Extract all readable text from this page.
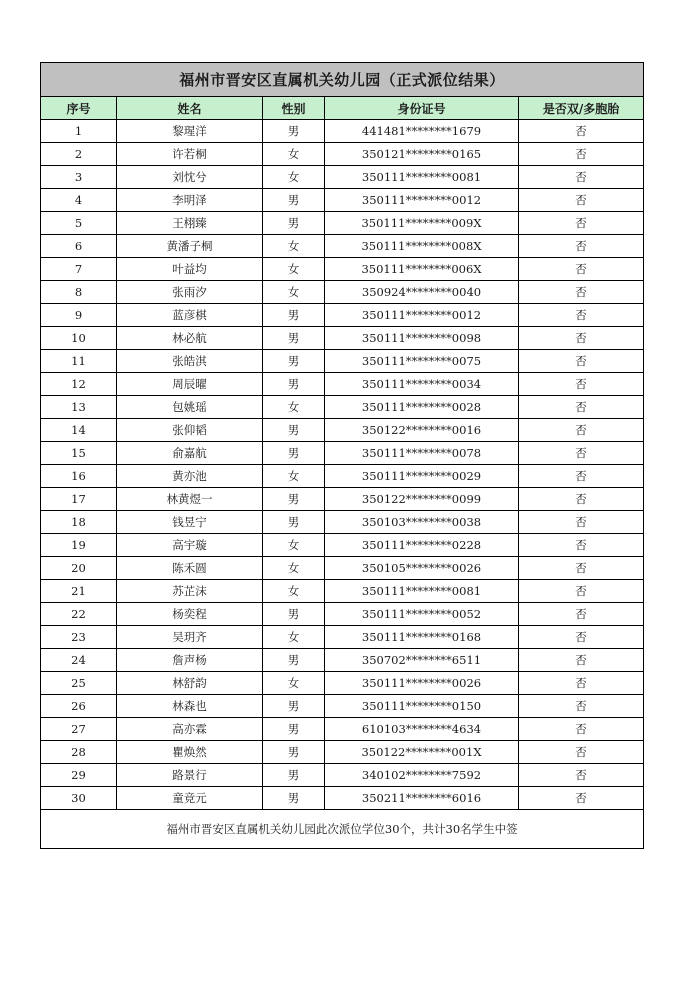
福州市晋安区直属机关幼儿园（正式派位结果）				
序号	姓名	性别	身份证号	是否双/多胞胎
1	黎瑆洋	男	441481********1679	否
2	许若桐	女	350121********0165	否
3	刘忱兮	女	350111********0081	否
4	李明泽	男	350111********0012	否
5	王栩臻	男	350111********009X	否
6	黄潘子桐	女	350111********008X	否
7	叶益均	女	350111********006X	否
8	张雨汐	女	350924********0040	否
9	蓝彦棋	男	350111********0012	否
10	林必航	男	350111********0098	否
11	张皓淇	男	350111********0075	否
12	周辰曜	男	350111********0034	否
13	包姚瑶	女	350111********0028	否
14	张仰韬	男	350122********0016	否
15	俞嘉航	男	350111********0078	否
16	黄亦池	女	350111********0029	否
17	林黄煜一	男	350122********0099	否
18	钱昱宁	男	350103********0038	否
19	高宇璇	女	350111********0228	否
20	陈禾圆	女	350105********0026	否
21	苏芷沫	女	350111********0081	否
22	杨奕程	男	350111********0052	否
23	吴玥齐	女	350111********0168	否
24	詹声杨	男	350702********6511	否
25	林舒韵	女	350111********0026	否
26	林森也	男	350111********0150	否
27	高亦霖	男	610103********4634	否
28	瞿焕然	男	350122********001X	否
29	路景行	男	340102********7592	否
30	童竞元	男	350211********6016	否
福州市晋安区直属机关幼儿园此次派位学位30个，共计30名学生中签				
